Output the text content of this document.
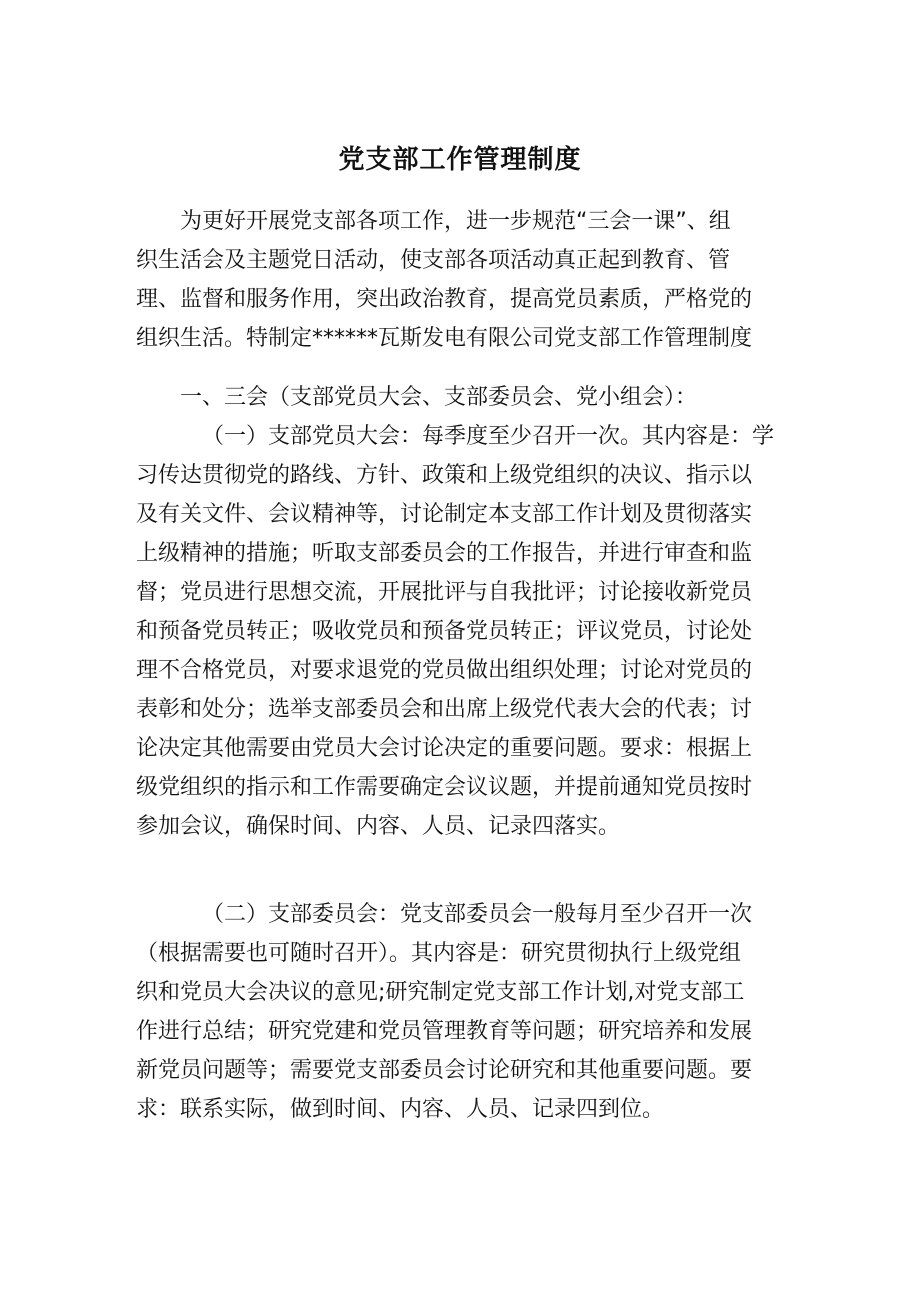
党支部工作管理制度

为更好开展党支部各项工作，进一步规范“三会一课”、组
织生活会及主题党日活动，使支部各项活动真正起到教育、管
理、监督和服务作用，突出政治教育，提高党员素质，严格党的
组织生活。特制定******瓦斯发电有限公司党支部工作管理制度

一、三会（支部党员大会、支部委员会、党小组会）：

（一）支部党员大会：每季度至少召开一次。其内容是：学
习传达贯彻党的路线、方针、政策和上级党组织的决议、指示以
及有关文件、会议精神等，讨论制定本支部工作计划及贯彻落实
上级精神的措施；听取支部委员会的工作报告，并进行审查和监
督；党员进行思想交流，开展批评与自我批评；讨论接收新党员
和预备党员转正；吸收党员和预备党员转正；评议党员，讨论处
理不合格党员，对要求退党的党员做出组织处理；讨论对党员的
表彰和处分；选举支部委员会和出席上级党代表大会的代表；讨
论决定其他需要由党员大会讨论决定的重要问题。要求：根据上
级党组织的指示和工作需要确定会议议题，并提前通知党员按时
参加会议，确保时间、内容、人员、记录四落实。

（二）支部委员会：党支部委员会一般每月至少召开一次
（根据需要也可随时召开）。其内容是：研究贯彻执行上级党组
织和党员大会决议的意见;研究制定党支部工作计划,对党支部工
作进行总结；研究党建和党员管理教育等问题；研究培养和发展
新党员问题等；需要党支部委员会讨论研究和其他重要问题。要
求：联系实际，做到时间、内容、人员、记录四到位。
